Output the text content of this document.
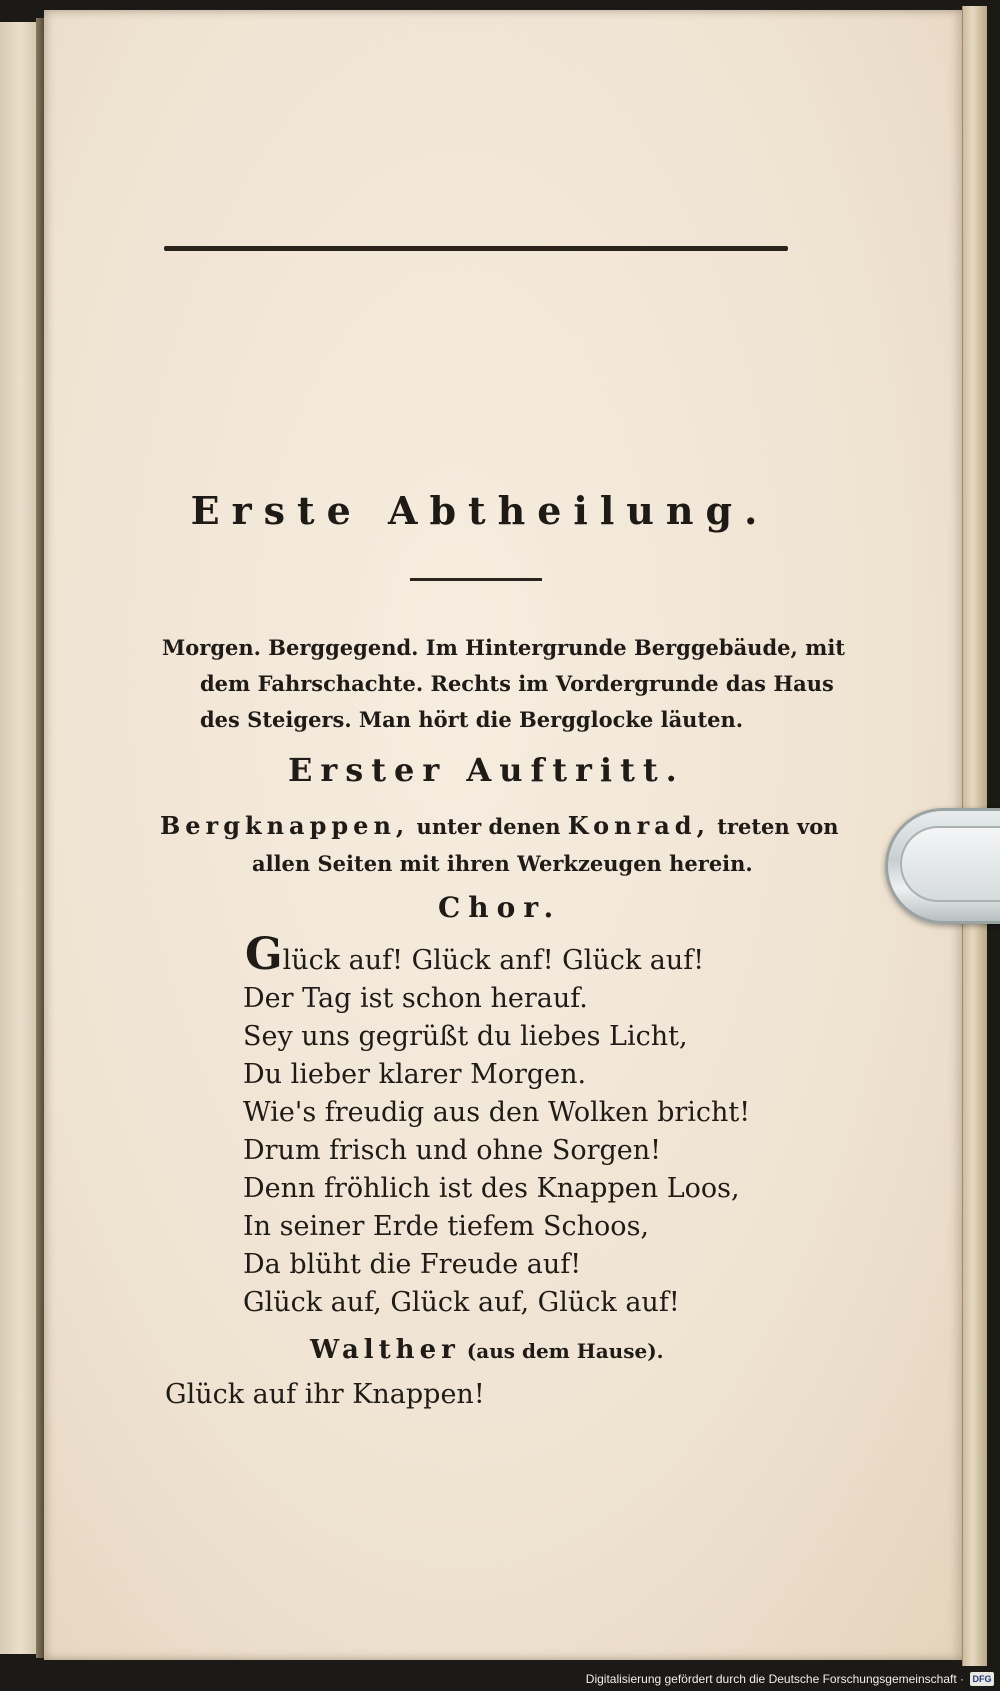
Erste Abtheilung.
Morgen. Berggegend. Im Hintergrunde Berggebäude, mit
dem Fahrschachte. Rechts im Vordergrunde das Haus
des Steigers. Man hört die Bergglocke läuten.
Erster Auftritt.
Bergknappen, unter denen Konrad, treten von
allen Seiten mit ihren Werkzeugen herein.
Chor.
Glück auf! Glück anf! Glück auf!
Der Tag ist schon herauf.
Sey uns gegrüßt du liebes Licht,
Du lieber klarer Morgen.
Wie's freudig aus den Wolken bricht!
Drum frisch und ohne Sorgen!
Denn fröhlich ist des Knappen Loos,
In seiner Erde tiefem Schoos,
Da blüht die Freude auf!
Glück auf, Glück auf, Glück auf!
Walther (aus dem Hause).
Glück auf ihr Knappen!
Digitalisierung gefördert durch die Deutsche Forschungsgemeinschaft · DFG
